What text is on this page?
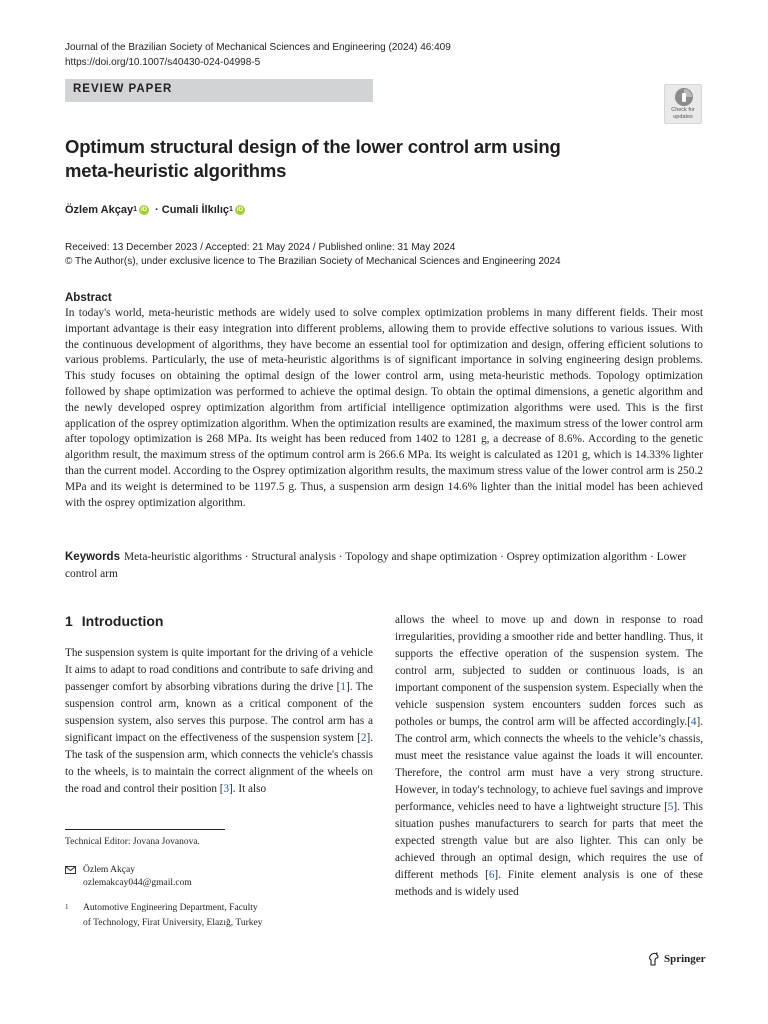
Journal of the Brazilian Society of Mechanical Sciences and Engineering (2024) 46:409
https://doi.org/10.1007/s40430-024-04998-5
REVIEW PAPER
Check for
updates
Optimum structural design of the lower control arm using
meta-heuristic algorithms
Özlem Akçay 1 iD · Cumali İlkılıç 1 iD
Received: 13 December 2023 / Accepted: 21 May 2024 / Published online: 31 May 2024
© The Author(s), under exclusive licence to The Brazilian Society of Mechanical Sciences and Engineering 2024
Abstract

In today's world, meta-heuristic methods are widely used to solve complex optimization problems in many different fields. Their most important advantage is their easy integration into different problems, allowing them to provide effective solutions to various issues. With the continuous development of algorithms, they have become an essential tool for optimization and design, offering efficient solutions to various problems. Particularly, the use of meta-heuristic algorithms is of significant importance in solving engineering design problems. This study focuses on obtaining the optimal design of the lower control arm, using meta-heuristic methods. Topology optimization followed by shape optimization was performed to achieve the optimal design. To obtain the optimal dimensions, a genetic algorithm and the newly developed osprey optimization algorithm from artificial intelligence optimization algorithms were used. This is the first application of the osprey optimization algorithm. When the optimization results are examined, the maximum stress of the lower control arm after topology optimization is 268 MPa. Its weight has been reduced from 1402 to 1281 g, a decrease of 8.6%. According to the genetic algorithm result, the maximum stress of the optimum control arm is 266.6 MPa. Its weight is calculated as 1201 g, which is 14.33% lighter than the current model. According to the Osprey optimization algorithm results, the maximum stress value of the lower control arm is 250.2 MPa and its weight is determined to be 1197.5 g. Thus, a suspension arm design 14.6% lighter than the initial model has been achieved with the osprey optimization algorithm.

Keywords Meta-heuristic algorithms · Structural analysis · Topology and shape optimization · Osprey optimization algorithm · Lower control arm

1 Introduction

The suspension system is quite important for the driving of a vehicle It aims to adapt to road conditions and contribute to safe driving and passenger comfort by absorbing vibrations during the drive [1]. The suspension control arm, known as a critical component of the suspension system, also serves this purpose. The control arm has a significant impact on the effectiveness of the suspension system [2]. The task of the suspension arm, which connects the vehicle's chassis to the wheels, is to maintain the correct alignment of the wheels on the road and control their position [3]. It also

allows the wheel to move up and down in response to road irregularities, providing a smoother ride and better handling. Thus, it supports the effective operation of the suspension system. The control arm, subjected to sudden or continuous loads, is an important component of the suspension system. Especially when the vehicle suspension system encounters sudden forces such as potholes or bumps, the control arm will be affected accordingly.[4]. The control arm, which connects the wheels to the vehicle’s chassis, must meet the resistance value against the loads it will encounter. Therefore, the control arm must have a very strong structure. However, in today's technology, to achieve fuel savings and improve performance, vehicles need to have a lightweight structure [5]. This situation pushes manufacturers to search for parts that meet the expected strength value but are also lighter. This can only be achieved through an optimal design, which requires the use of different methods [6]. Finite element analysis is one of these methods and is widely used

Technical Editor: Jovana Jovanova.
Özlem Akçay
ozlemakcay044@gmail.com
1 Automotive Engineering Department, Faculty
of Technology, Firat University, Elazığ, Turkey
Springer
